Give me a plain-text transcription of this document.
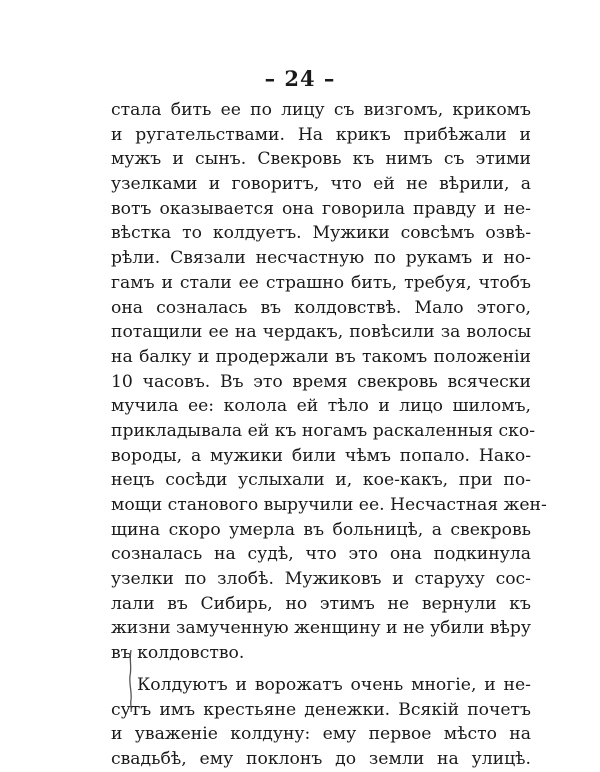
– 24 –
стала бить ее по лицу съ визгомъ, крикомъ
и ругательствами. На крикъ прибѣжали и
мужъ и сынъ. Свекровь къ нимъ съ этими
узелками и говоритъ, что ей не вѣрили, а
вотъ оказывается она говорила правду и не-
вѣстка то колдуетъ. Мужики совсѣмъ озвѣ-
рѣли. Связали несчастную по рукамъ и но-
гамъ и стали ее страшно бить, требуя, чтобъ
она созналась въ колдовствѣ. Мало этого,
потащили ее на чердакъ, повѣсили за волосы
на балку и продержали въ такомъ положенiи
10 часовъ. Въ это время свекровь всячески
мучила ее: колола ей тѣло и лицо шиломъ,
прикладывала ей къ ногамъ раскаленныя ско-
вороды, а мужики били чѣмъ попало. Нако-
нецъ сосѣди услыхали и, кое-какъ, при по-
мощи станового выручили ее. Несчастная жен-
щина скоро умерла въ больницѣ, а свекровь
созналась на судѣ, что это она подкинула
узелки по злобѣ. Мужиковъ и старуху сос-
лали въ Сибирь, но этимъ не вернули къ
жизни замученную женщину и не убили вѣру
въ колдовство.
Колдуютъ и ворожатъ очень многiе, и не-
сутъ имъ крестьяне денежки. Всякiй почетъ
и уваженiе колдуну: ему первое мѣсто на
свадьбѣ, ему поклонъ до земли на улицѣ.
